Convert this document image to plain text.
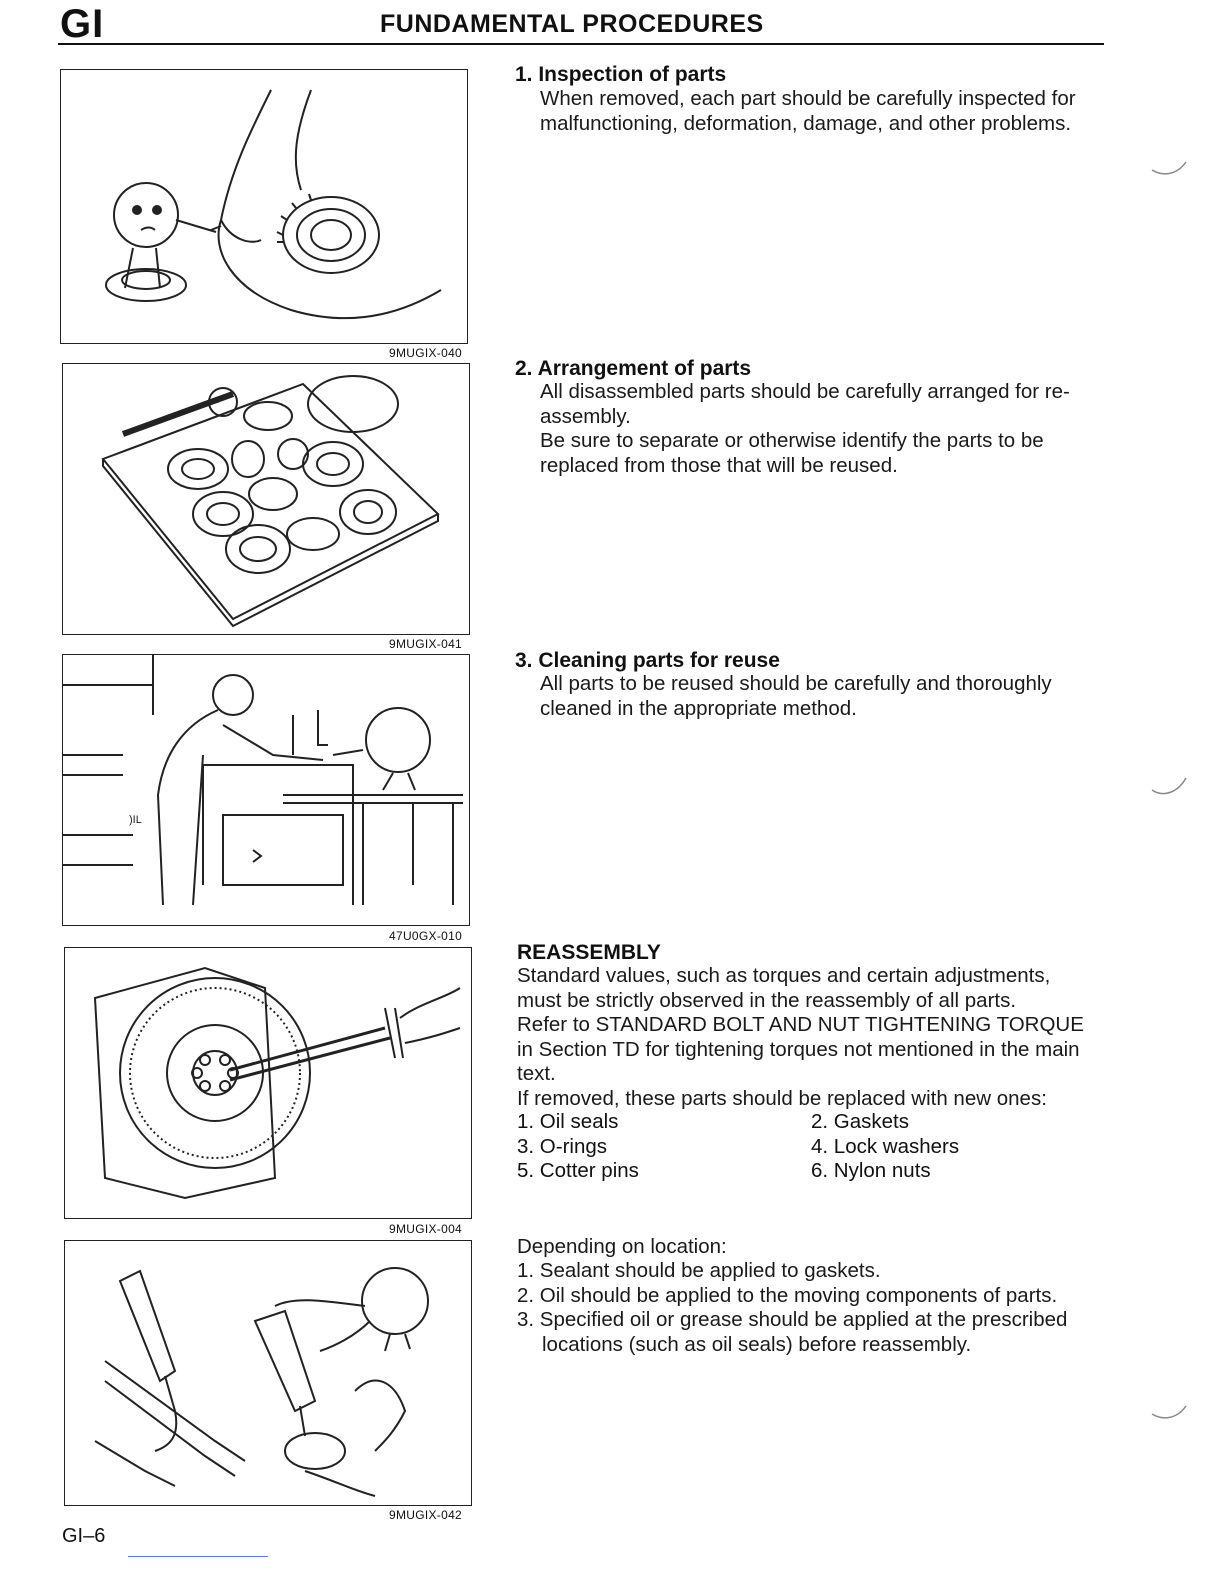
GI	FUNDAMENTAL PROCEDURES
9MUGIX-040
9MUGIX-041
)IL
47U0GX-010
9MUGIX-004
9MUGIX-042
1. Inspection of parts

When removed, each part should be carefully inspected for

malfunctioning, deformation, damage, and other problems.

2. Arrangement of parts

All disassembled parts should be carefully arranged for re-

assembly.

Be sure to separate or otherwise identify the parts to be

replaced from those that will be reused.

3. Cleaning parts for reuse

All parts to be reused should be carefully and thoroughly

cleaned in the appropriate method.

REASSEMBLY

Standard values, such as torques and certain adjustments,

must be strictly observed in the reassembly of all parts.

Refer to STANDARD BOLT AND NUT TIGHTENING TORQUE

in Section TD for tightening torques not mentioned in the main

text.

If removed, these parts should be replaced with new ones:

1. Oil seals	2. Gaskets
3. O-rings	4. Lock washers
5. Cotter pins	6. Nylon nuts
Depending on location:

1. Sealant should be applied to gaskets.

2. Oil should be applied to the moving components of parts.

3. Specified oil or grease should be applied at the prescribed

locations (such as oil seals) before reassembly.

GI–6
